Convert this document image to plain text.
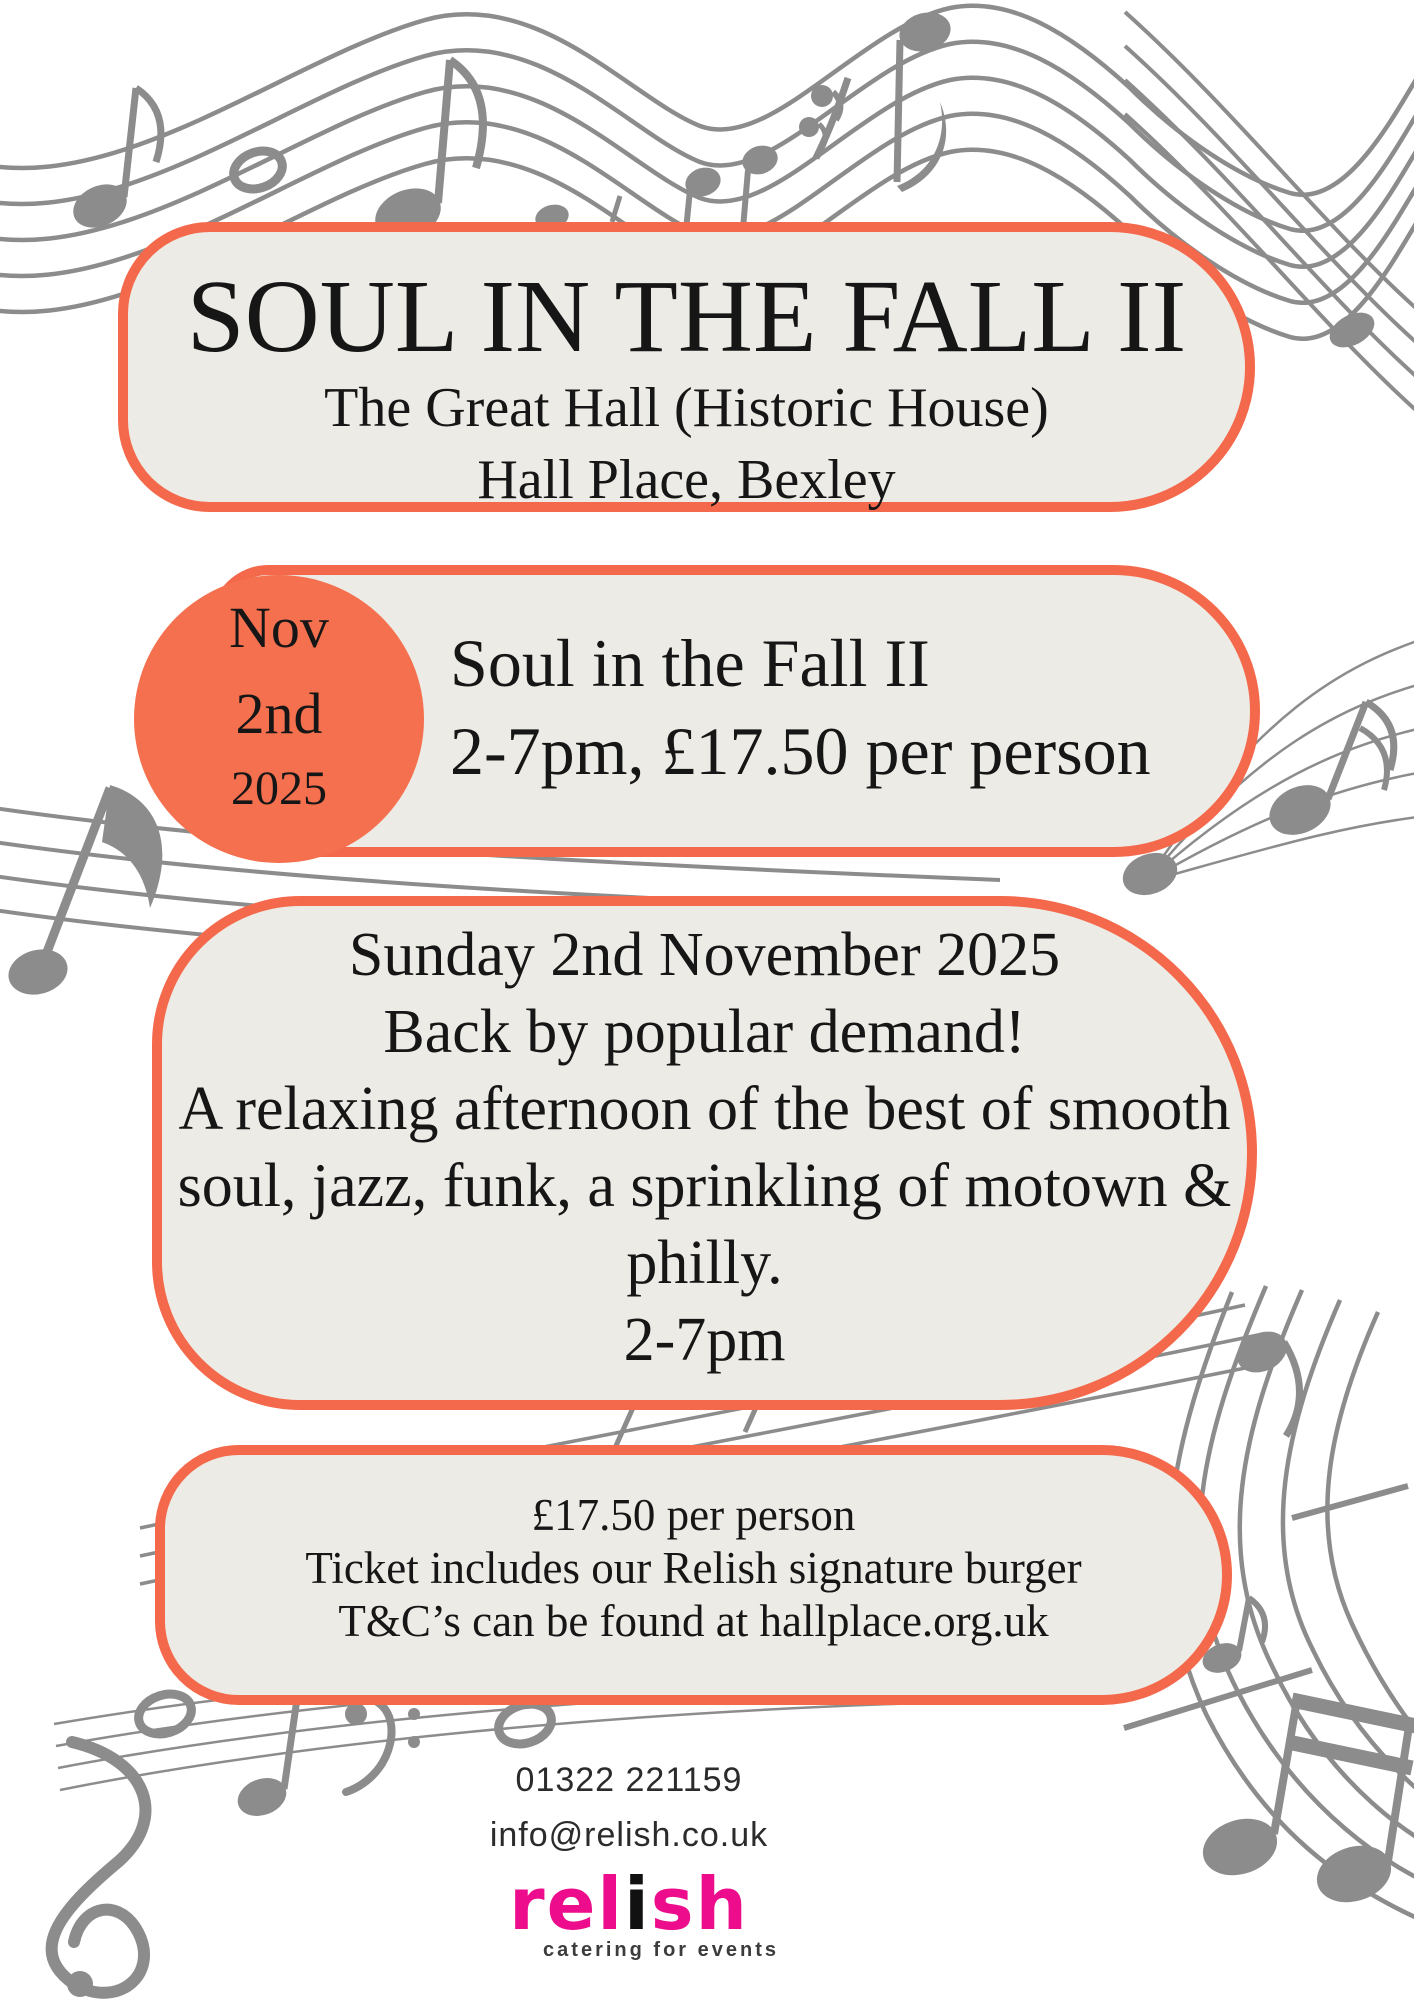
SOUL IN THE FALL II
The Great Hall (Historic House)
Hall Place, Bexley
Soul in the Fall II
2-7pm, £17.50 per person
Nov
2nd
2025
Sunday 2nd November 2025
Back by popular demand!
A relaxing afternoon of the best of smooth
soul, jazz, funk, a sprinkling of motown &
philly.
2-7pm
£17.50 per person
Ticket includes our Relish signature burger
T&C’s can be found at hallplace.org.uk
01322 221159
info@relish.co.uk
relish
catering for events
